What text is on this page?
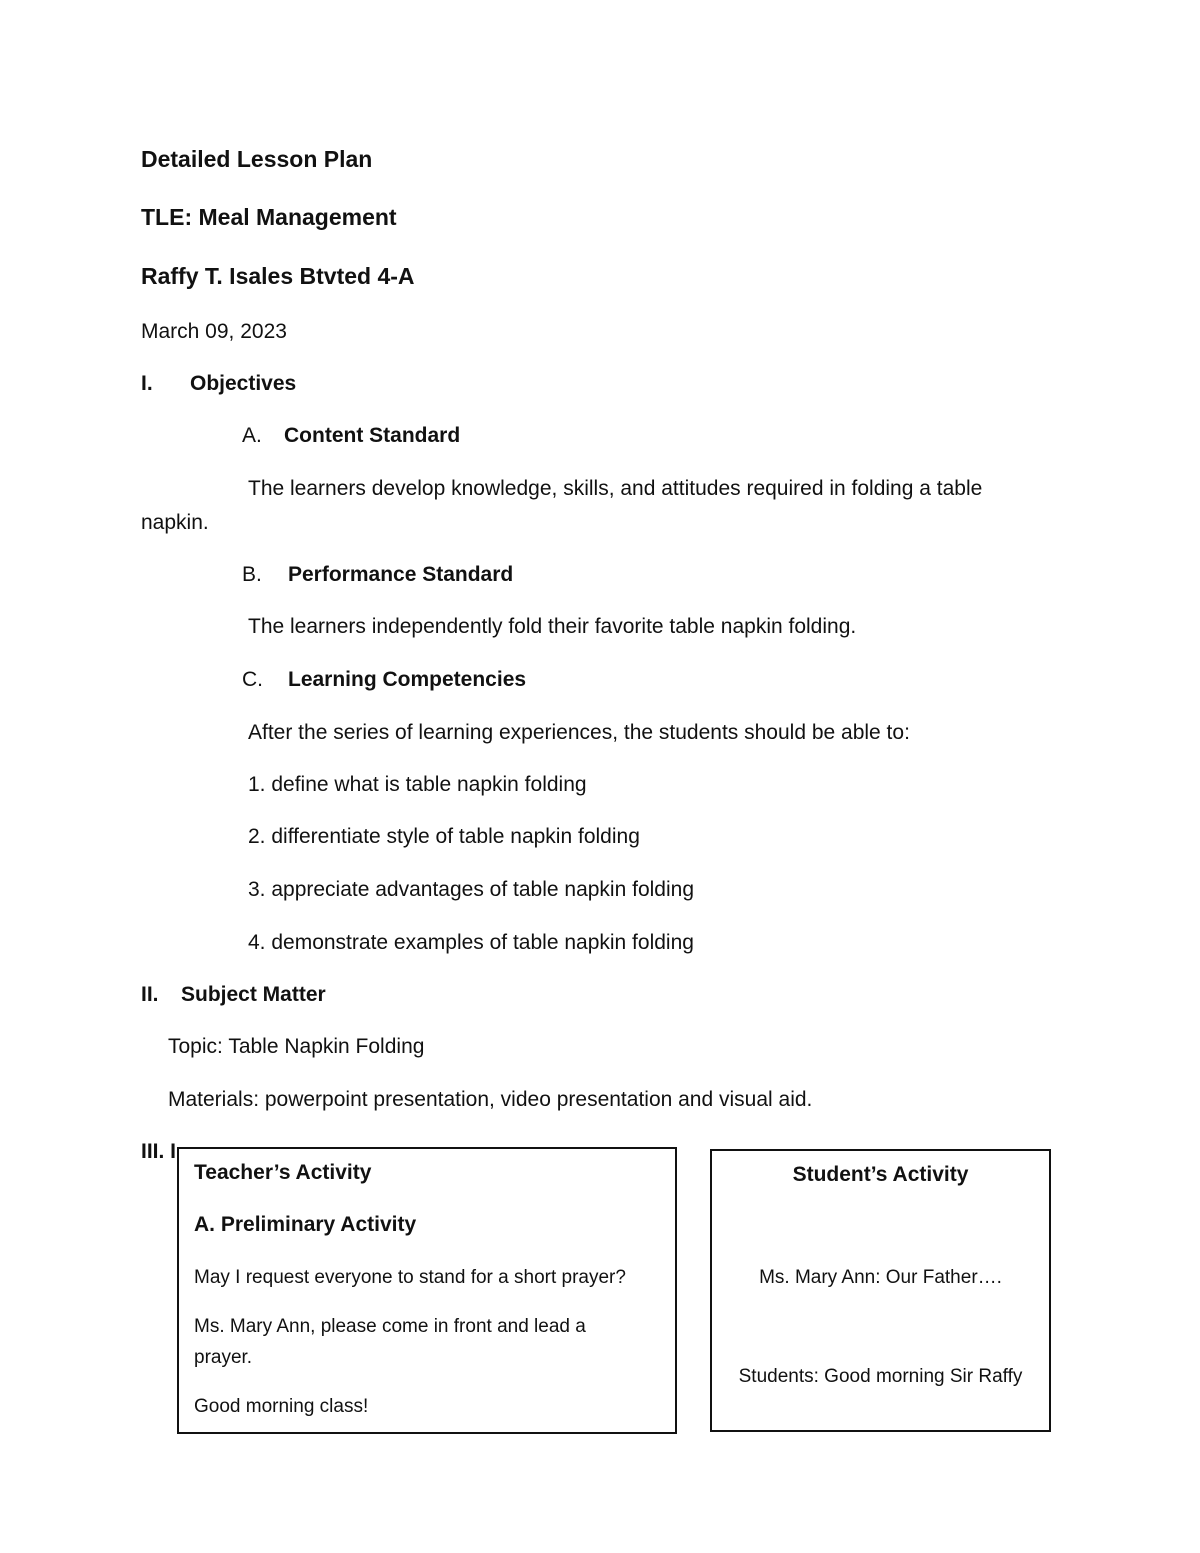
Detailed Lesson Plan
TLE: Meal Management
Raffy T. Isales Btvted 4-A
March 09, 2023
I. Objectives
A. Content Standard
The learners develop knowledge, skills, and attitudes required in folding a table
napkin.
B. Performance Standard
The learners independently fold their favorite table napkin folding.
C. Learning Competencies
After the series of learning experiences, the students should be able to:
1. define what is table napkin folding
2. differentiate style of table napkin folding
3. appreciate advantages of table napkin folding
4. demonstrate examples of table napkin folding
II. Subject Matter
Topic: Table Napkin Folding
Materials: powerpoint presentation, video presentation and visual aid.
III. I
Teacher’s Activity
A. Preliminary Activity
May I request everyone to stand for a short prayer?
Ms. Mary Ann, please come in front and lead a
prayer.
Good morning class!
Student’s Activity
Ms. Mary Ann: Our Father….
Students: Good morning Sir Raffy
